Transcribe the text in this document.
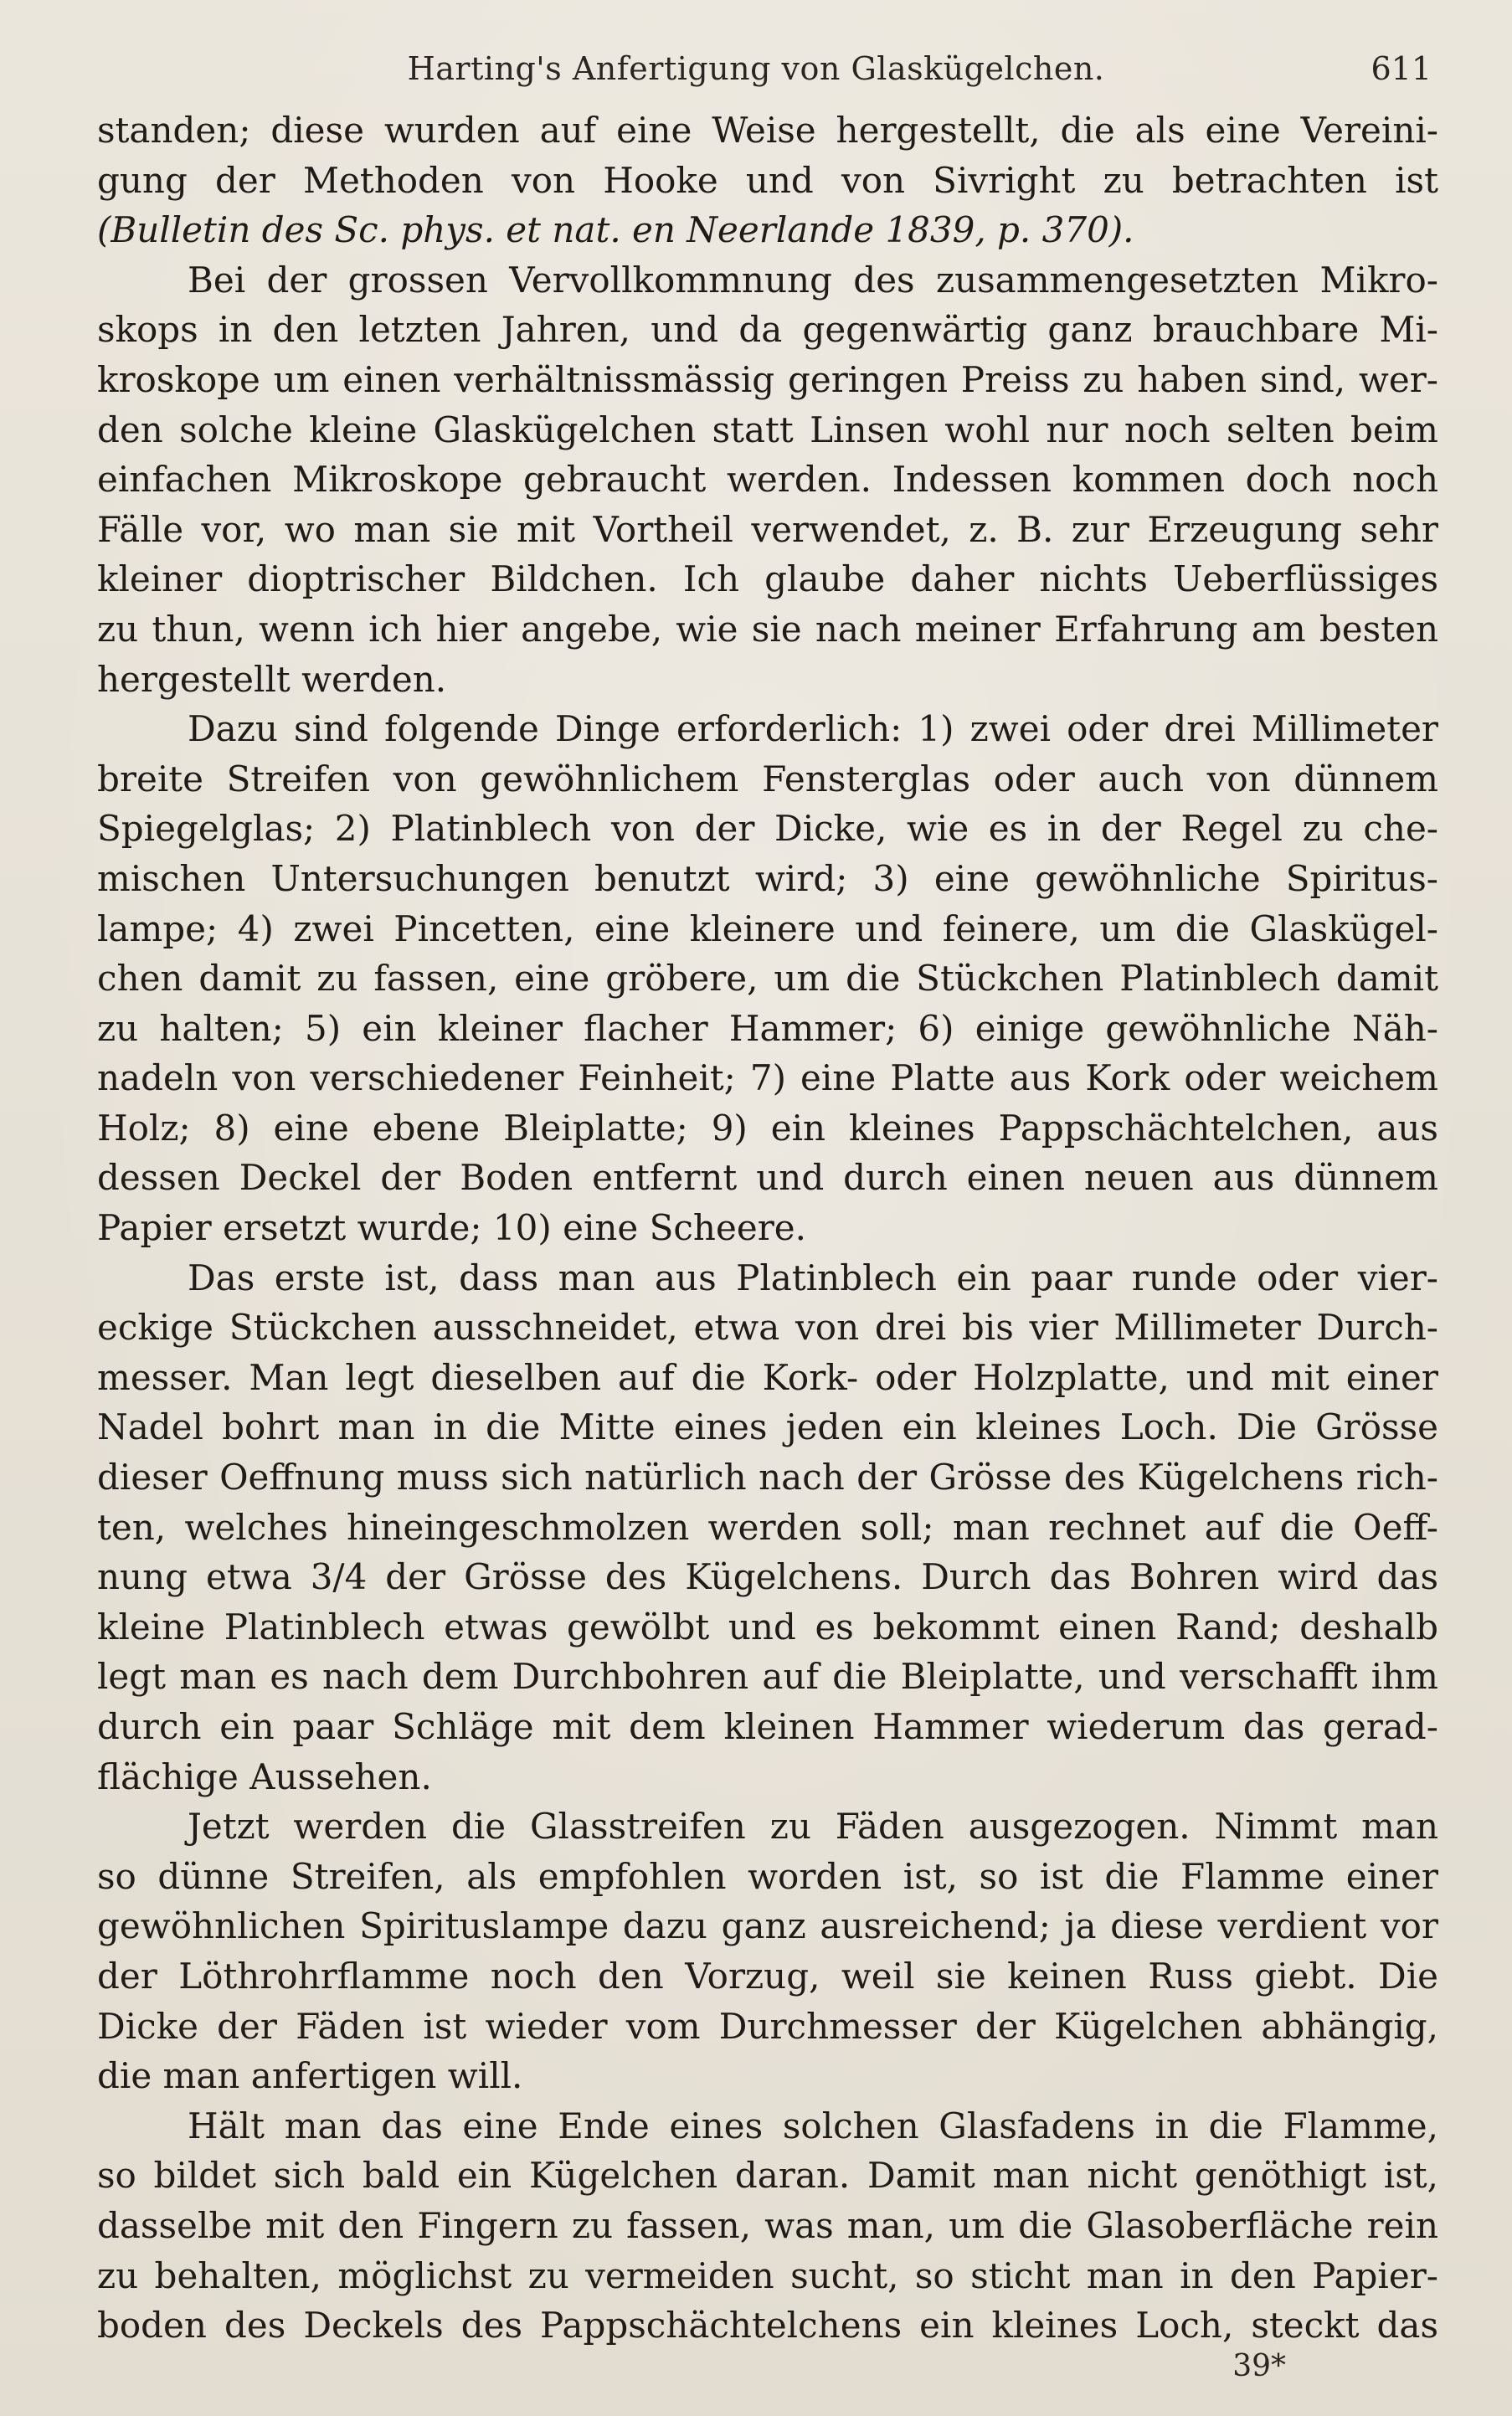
Harting's Anfertigung von Glaskügelchen.	611
standen; diese wurden auf eine Weise hergestellt, die als eine Vereini-
gung der Methoden von Hooke und von Sivright zu betrachten ist
(Bulletin des Sc. phys. et nat. en Neerlande 1839, p. 370).
Bei der grossen Vervollkommnung des zusammengesetzten Mikro-
skops in den letzten Jahren, und da gegenwärtig ganz brauchbare Mi-
kroskope um einen verhältnissmässig geringen Preiss zu haben sind, wer-
den solche kleine Glaskügelchen statt Linsen wohl nur noch selten beim
einfachen Mikroskope gebraucht werden. Indessen kommen doch noch
Fälle vor, wo man sie mit Vortheil verwendet, z. B. zur Erzeugung sehr
kleiner dioptrischer Bildchen. Ich glaube daher nichts Ueberflüssiges
zu thun, wenn ich hier angebe, wie sie nach meiner Erfahrung am besten
hergestellt werden.
Dazu sind folgende Dinge erforderlich: 1) zwei oder drei Millimeter
breite Streifen von gewöhnlichem Fensterglas oder auch von dünnem
Spiegelglas; 2) Platinblech von der Dicke, wie es in der Regel zu che-
mischen Untersuchungen benutzt wird; 3) eine gewöhnliche Spiritus-
lampe; 4) zwei Pincetten, eine kleinere und feinere, um die Glaskügel-
chen damit zu fassen, eine gröbere, um die Stückchen Platinblech damit
zu halten; 5) ein kleiner flacher Hammer; 6) einige gewöhnliche Näh-
nadeln von verschiedener Feinheit; 7) eine Platte aus Kork oder weichem
Holz; 8) eine ebene Bleiplatte; 9) ein kleines Pappschächtelchen, aus
dessen Deckel der Boden entfernt und durch einen neuen aus dünnem
Papier ersetzt wurde; 10) eine Scheere.
Das erste ist, dass man aus Platinblech ein paar runde oder vier-
eckige Stückchen ausschneidet, etwa von drei bis vier Millimeter Durch-
messer. Man legt dieselben auf die Kork- oder Holzplatte, und mit einer
Nadel bohrt man in die Mitte eines jeden ein kleines Loch. Die Grösse
dieser Oeffnung muss sich natürlich nach der Grösse des Kügelchens rich-
ten, welches hineingeschmolzen werden soll; man rechnet auf die Oeff-
nung etwa 3/4 der Grösse des Kügelchens. Durch das Bohren wird das
kleine Platinblech etwas gewölbt und es bekommt einen Rand; deshalb
legt man es nach dem Durchbohren auf die Bleiplatte, und verschafft ihm
durch ein paar Schläge mit dem kleinen Hammer wiederum das gerad-
flächige Aussehen.
Jetzt werden die Glasstreifen zu Fäden ausgezogen. Nimmt man
so dünne Streifen, als empfohlen worden ist, so ist die Flamme einer
gewöhnlichen Spirituslampe dazu ganz ausreichend; ja diese verdient vor
der Löthrohrflamme noch den Vorzug, weil sie keinen Russ giebt. Die
Dicke der Fäden ist wieder vom Durchmesser der Kügelchen abhängig,
die man anfertigen will.
Hält man das eine Ende eines solchen Glasfadens in die Flamme,
so bildet sich bald ein Kügelchen daran. Damit man nicht genöthigt ist,
dasselbe mit den Fingern zu fassen, was man, um die Glasoberfläche rein
zu behalten, möglichst zu vermeiden sucht, so sticht man in den Papier-
boden des Deckels des Pappschächtelchens ein kleines Loch, steckt das
39*
